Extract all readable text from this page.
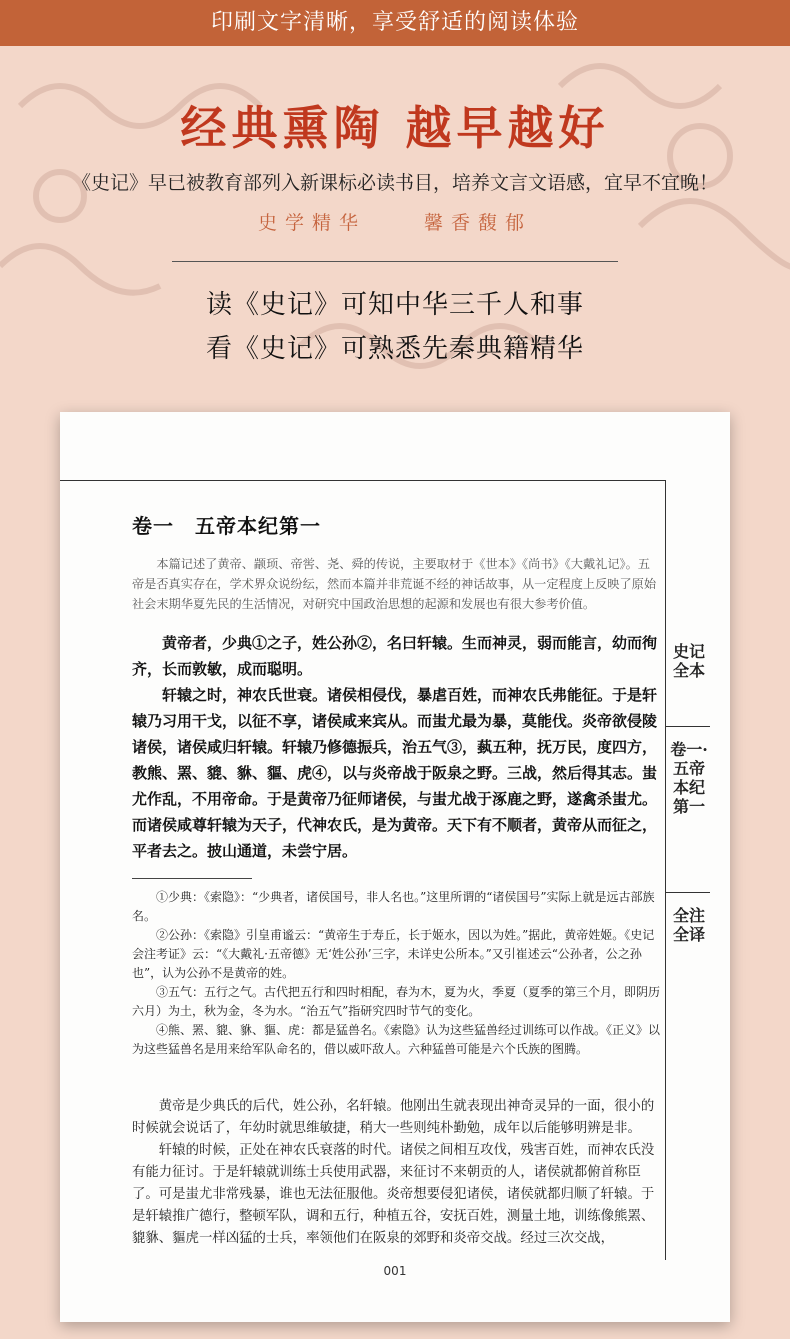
印刷文字清晰，享受舒适的阅读体验
经典熏陶 越早越好
《史记》早已被教育部列入新课标必读书目，培养文言文语感，宜早不宜晚！
史学精华	馨香馥郁
读《史记》可知中华三千人和事
看《史记》可熟悉先秦典籍精华
史记全本
卷一·五帝本纪第一
全注全译
卷一　五帝本纪第一
本篇记述了黄帝、颛顼、帝喾、尧、舜的传说，主要取材于《世本》《尚书》《大戴礼记》。五帝是否真实存在，学术界众说纷纭，然而本篇并非荒诞不经的神话故事，从一定程度上反映了原始社会末期华夏先民的生活情况，对研究中国政治思想的起源和发展也有很大参考价值。

黄帝者，少典①之子，姓公孙②，名曰轩辕。生而神灵，弱而能言，幼而徇齐，长而敦敏，成而聪明。

轩辕之时，神农氏世衰。诸侯相侵伐，暴虐百姓，而神农氏弗能征。于是轩辕乃习用干戈，以征不享，诸侯咸来宾从。而蚩尤最为暴，莫能伐。炎帝欲侵陵诸侯，诸侯咸归轩辕。轩辕乃修德振兵，治五气③，蓺五种，抚万民，度四方，教熊、罴、貔、貅、貙、虎④，以与炎帝战于阪泉之野。三战，然后得其志。蚩尤作乱，不用帝命。于是黄帝乃征师诸侯，与蚩尤战于涿鹿之野，遂禽杀蚩尤。而诸侯咸尊轩辕为天子，代神农氏，是为黄帝。天下有不顺者，黄帝从而征之，平者去之。披山通道，未尝宁居。

①少典：《索隐》：“少典者，诸侯国号，非人名也。”这里所谓的“诸侯国号”实际上就是远古部族名。

②公孙：《索隐》引皇甫谧云：“黄帝生于寿丘，长于姬水，因以为姓。”据此，黄帝姓姬。《史记会注考证》云：“《大戴礼·五帝德》无‘姓公孙’三字，未详史公所本。”又引崔述云“公孙者，公之孙也”，认为公孙不是黄帝的姓。

③五气：五行之气。古代把五行和四时相配，春为木，夏为火，季夏（夏季的第三个月，即阴历六月）为土，秋为金，冬为水。“治五气”指研究四时节气的变化。

④熊、罴、貔、貅、貙、虎：都是猛兽名。《索隐》认为这些猛兽经过训练可以作战。《正义》以为这些猛兽名是用来给军队命名的，借以威吓敌人。六种猛兽可能是六个氏族的图腾。

黄帝是少典氏的后代，姓公孙，名轩辕。他刚出生就表现出神奇灵异的一面，很小的时候就会说话了，年幼时就思维敏捷，稍大一些则纯朴勤勉，成年以后能够明辨是非。

轩辕的时候，正处在神农氏衰落的时代。诸侯之间相互攻伐，残害百姓，而神农氏没有能力征讨。于是轩辕就训练士兵使用武器，来征讨不来朝贡的人，诸侯就都俯首称臣了。可是蚩尤非常残暴，谁也无法征服他。炎帝想要侵犯诸侯，诸侯就都归顺了轩辕。于是轩辕推广德行，整顿军队，调和五行，种植五谷，安抚百姓，测量土地，训练像熊罴、貔貅、貙虎一样凶猛的士兵，率领他们在阪泉的郊野和炎帝交战。经过三次交战，

001
